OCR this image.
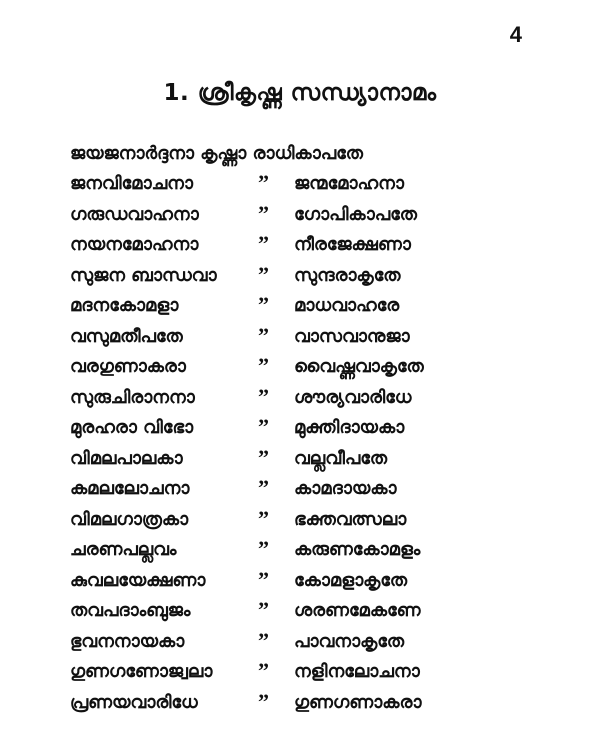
4
1. ശ്രീകൃഷ്ണ സന്ധ്യാനാമം
ജയജനാർദ്ദനാ കൃഷ്ണാ രാധികാപതേ
ജനവിമോചനാ	” ജന്മമോഹനാ
ഗരുഡവാഹനാ	” ഗോപികാപതേ
നയനമോഹനാ	” നീരജേക്ഷണാ
സുജന ബാന്ധവാ ” സുന്ദരാകൃതേ
മദനകോമളാ	” മാധവാഹരേ
വസുമതീപതേ	” വാസവാനുജാ
വരഗുണാകരാ	” വൈഷ്ണവാകൃതേ
സുരുചിരാനനാ	” ശൗര്യവാരിധേ
മുരഹരാ വിഭോ	” മുക്തിദായകാ
വിമലപാലകാ	” വല്ലവീപതേ
കമലലോചനാ	” കാമദായകാ
വിമലഗാത്രകാ	” ഭക്തവത്സലാ
ചരണപല്ലവം	” കരുണകോമളം
കുവലയേക്ഷണാ ” കോമളാകൃതേ
തവപദാംബുജം	” ശരണമേകണേ
ഭുവനനായകാ	” പാവനാകൃതേ
ഗുണഗണോജ്വലാ ” നളിനലോചനാ
പ്രണയവാരിധേ	” ഗുണഗണാകരാ
